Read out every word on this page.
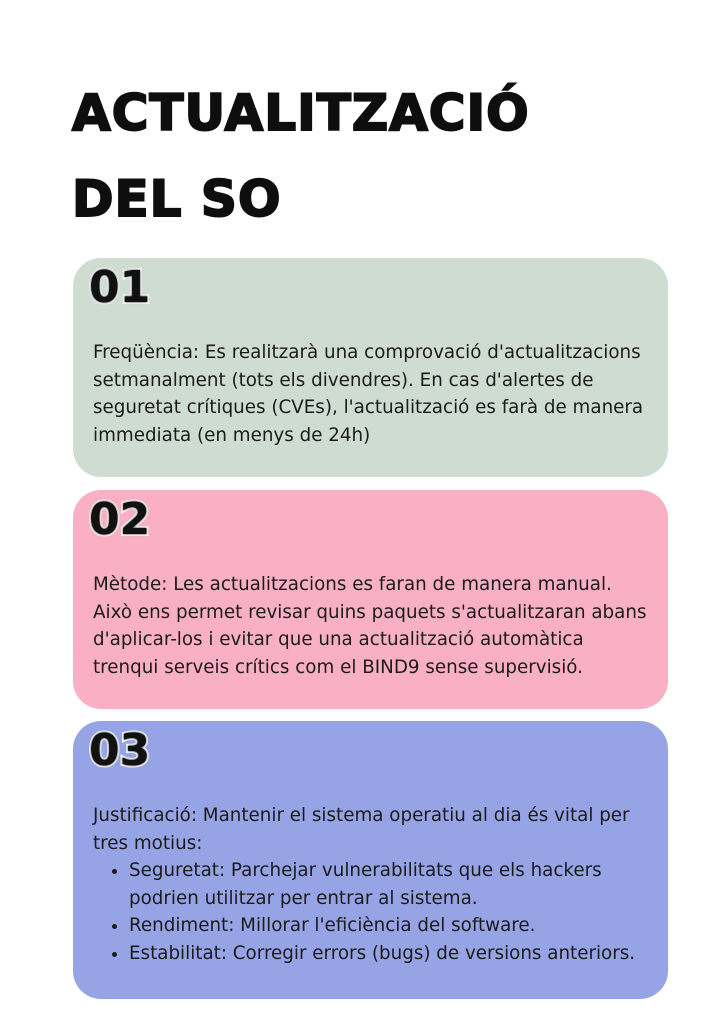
ACTUALITZACIÓ
DEL SO
01

Freqüència: Es realitzarà una comprovació d'actualitzacions setmanalment (tots els divendres). En cas d'alertes de seguretat crítiques (CVEs), l'actualització es farà de manera immediata (en menys de 24h)

02

Mètode: Les actualitzacions es faran de manera manual. Això ens permet revisar quins paquets s'actualitzaran abans d'aplicar-los i evitar que una actualització automàtica trenqui serveis crítics com el BIND9 sense supervisió.

03
Justificació: Mantenir el sistema operatiu al dia és vital per tres motius:
• Seguretat: Parchejar vulnerabilitats que els hackers podrien utilitzar per entrar al sistema.
• Rendiment: Millorar l'eficiència del software.
• Estabilitat: Corregir errors (bugs) de versions anteriors.
